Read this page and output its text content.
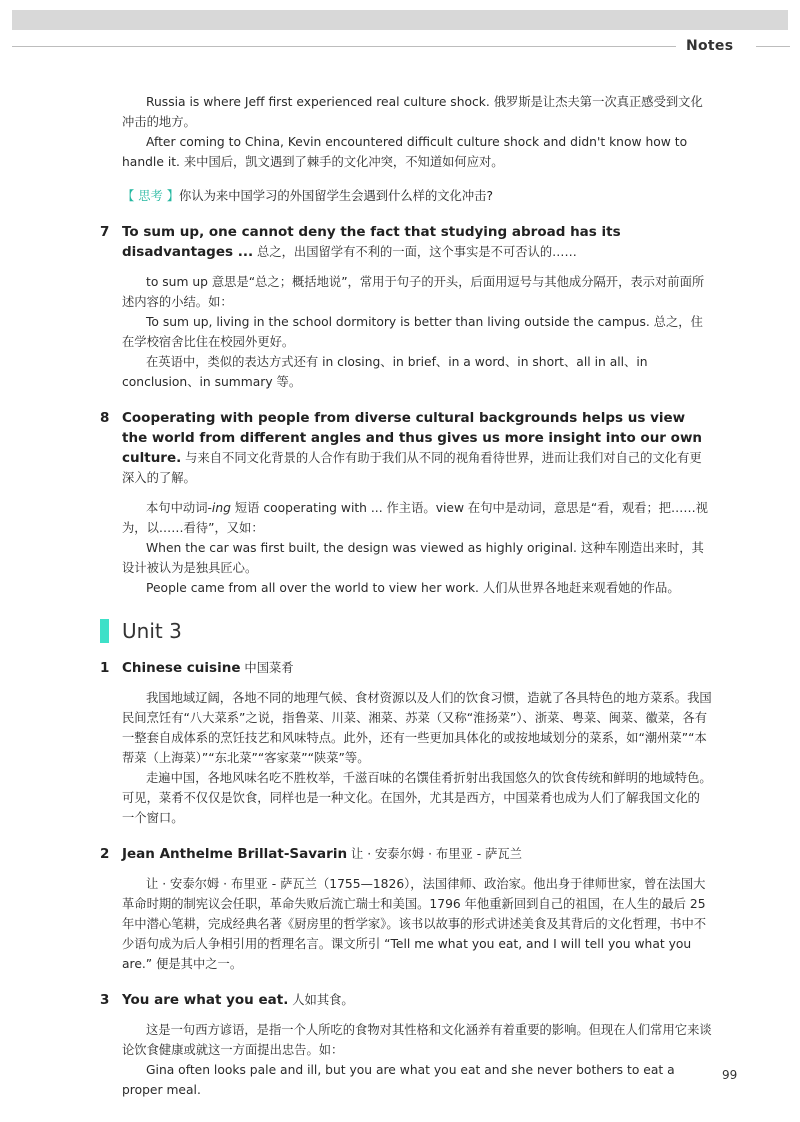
Notes

Russia is where Jeff first experienced real culture shock. 俄罗斯是让杰夫第一次真正感受到文化冲击的地方。

After coming to China, Kevin encountered difficult culture shock and didn't know how to handle it. 来中国后，凯文遇到了棘手的文化冲突，不知道如何应对。

【 思考 】你认为来中国学习的外国留学生会遇到什么样的文化冲击?
7 To sum up, one cannot deny the fact that studying abroad has its disadvantages ... 总之，出国留学有不利的一面，这个事实是不可否认的……

to sum up 意思是“总之；概括地说”，常用于句子的开头，后面用逗号与其他成分隔开，表示对前面所述内容的小结。如：

To sum up, living in the school dormitory is better than living outside the campus. 总之，住在学校宿舍比住在校园外更好。

在英语中，类似的表达方式还有 in closing、in brief、in a word、in short、all in all、in conclusion、in summary 等。

8 Cooperating with people from diverse cultural backgrounds helps us view the world from different angles and thus gives us more insight into our own culture. 与来自不同文化背景的人合作有助于我们从不同的视角看待世界，进而让我们对自己的文化有更深入的了解。

本句中动词-ing 短语 cooperating with ... 作主语。view 在句中是动词，意思是“看，观看；把……视为，以……看待”，又如：

When the car was first built, the design was viewed as highly original. 这种车刚造出来时，其设计被认为是独具匠心。

People came from all over the world to view her work. 人们从世界各地赶来观看她的作品。

Unit 3
1 Chinese cuisine 中国菜肴

我国地域辽阔，各地不同的地理气候、食材资源以及人们的饮食习惯，造就了各具特色的地方菜系。我国民间烹饪有“八大菜系”之说，指鲁菜、川菜、湘菜、苏菜（又称“淮扬菜”）、浙菜、粤菜、闽菜、徽菜，各有一整套自成体系的烹饪技艺和风味特点。此外，还有一些更加具体化的或按地域划分的菜系，如“潮州菜”“本帮菜（上海菜）”“东北菜”“客家菜”“陕菜”等。

走遍中国，各地风味名吃不胜枚举，千滋百味的名馔佳肴折射出我国悠久的饮食传统和鲜明的地域特色。可见，菜肴不仅仅是饮食，同样也是一种文化。在国外，尤其是西方，中国菜肴也成为人们了解我国文化的一个窗口。

2 Jean Anthelme Brillat-Savarin 让 · 安泰尔姆 · 布里亚 - 萨瓦兰

让 · 安泰尔姆 · 布里亚 - 萨瓦兰（1755—1826），法国律师、政治家。他出身于律师世家，曾在法国大革命时期的制宪议会任职，革命失败后流亡瑞士和美国。1796 年他重新回到自己的祖国，在人生的最后 25 年中潜心笔耕，完成经典名著《厨房里的哲学家》。该书以故事的形式讲述美食及其背后的文化哲理，书中不少语句成为后人争相引用的哲理名言。课文所引 “Tell me what you eat, and I will tell you what you are.” 便是其中之一。

3 You are what you eat. 人如其食。

这是一句西方谚语，是指一个人所吃的食物对其性格和文化涵养有着重要的影响。但现在人们常用它来谈论饮食健康或就这一方面提出忠告。如：

Gina often looks pale and ill, but you are what you eat and she never bothers to eat a proper meal.

99
